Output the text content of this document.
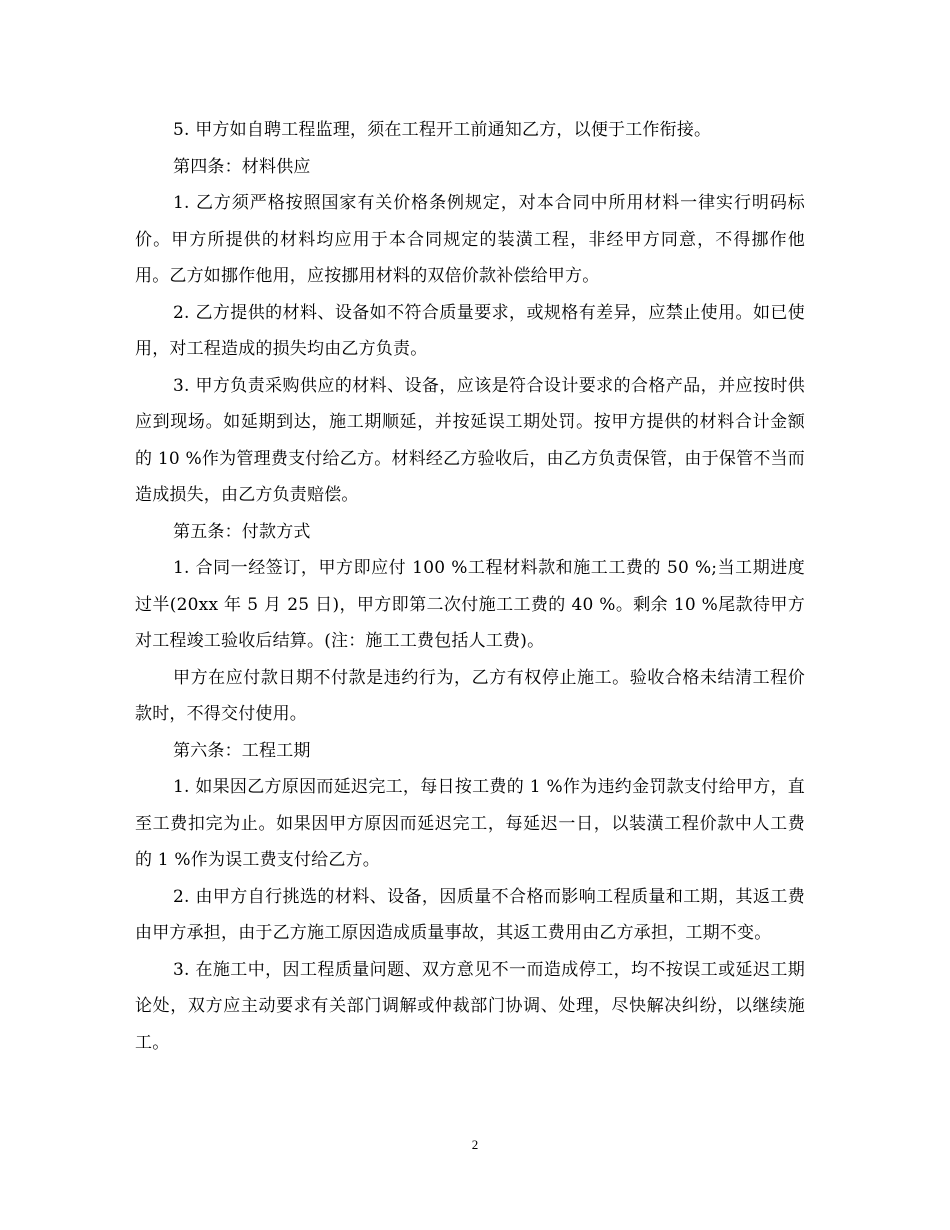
5. 甲方如自聘工程监理，须在工程开工前通知乙方，以便于工作衔接。

第四条：材料供应

1. 乙方须严格按照国家有关价格条例规定，对本合同中所用材料一律实行明码标价。甲方所提供的材料均应用于本合同规定的装潢工程，非经甲方同意，不得挪作他用。乙方如挪作他用，应按挪用材料的双倍价款补偿给甲方。

2. 乙方提供的材料、设备如不符合质量要求，或规格有差异，应禁止使用。如已使用，对工程造成的损失均由乙方负责。

3. 甲方负责采购供应的材料、设备，应该是符合设计要求的合格产品，并应按时供应到现场。如延期到达，施工期顺延，并按延误工期处罚。按甲方提供的材料合计金额的 10 %作为管理费支付给乙方。材料经乙方验收后，由乙方负责保管，由于保管不当而造成损失，由乙方负责赔偿。

第五条：付款方式

1. 合同一经签订，甲方即应付 100 %工程材料款和施工工费的 50 %;当工期进度过半(20xx 年 5 月 25 日)，甲方即第二次付施工工费的 40 %。剩余 10 %尾款待甲方对工程竣工验收后结算。(注：施工工费包括人工费)。

甲方在应付款日期不付款是违约行为，乙方有权停止施工。验收合格未结清工程价款时，不得交付使用。

第六条：工程工期

1. 如果因乙方原因而延迟完工，每日按工费的 1 %作为违约金罚款支付给甲方，直至工费扣完为止。如果因甲方原因而延迟完工，每延迟一日，以装潢工程价款中人工费的 1 %作为误工费支付给乙方。

2. 由甲方自行挑选的材料、设备，因质量不合格而影响工程质量和工期，其返工费由甲方承担，由于乙方施工原因造成质量事故，其返工费用由乙方承担，工期不变。

3. 在施工中，因工程质量问题、双方意见不一而造成停工，均不按误工或延迟工期论处，双方应主动要求有关部门调解或仲裁部门协调、处理，尽快解决纠纷，以继续施工。

2
